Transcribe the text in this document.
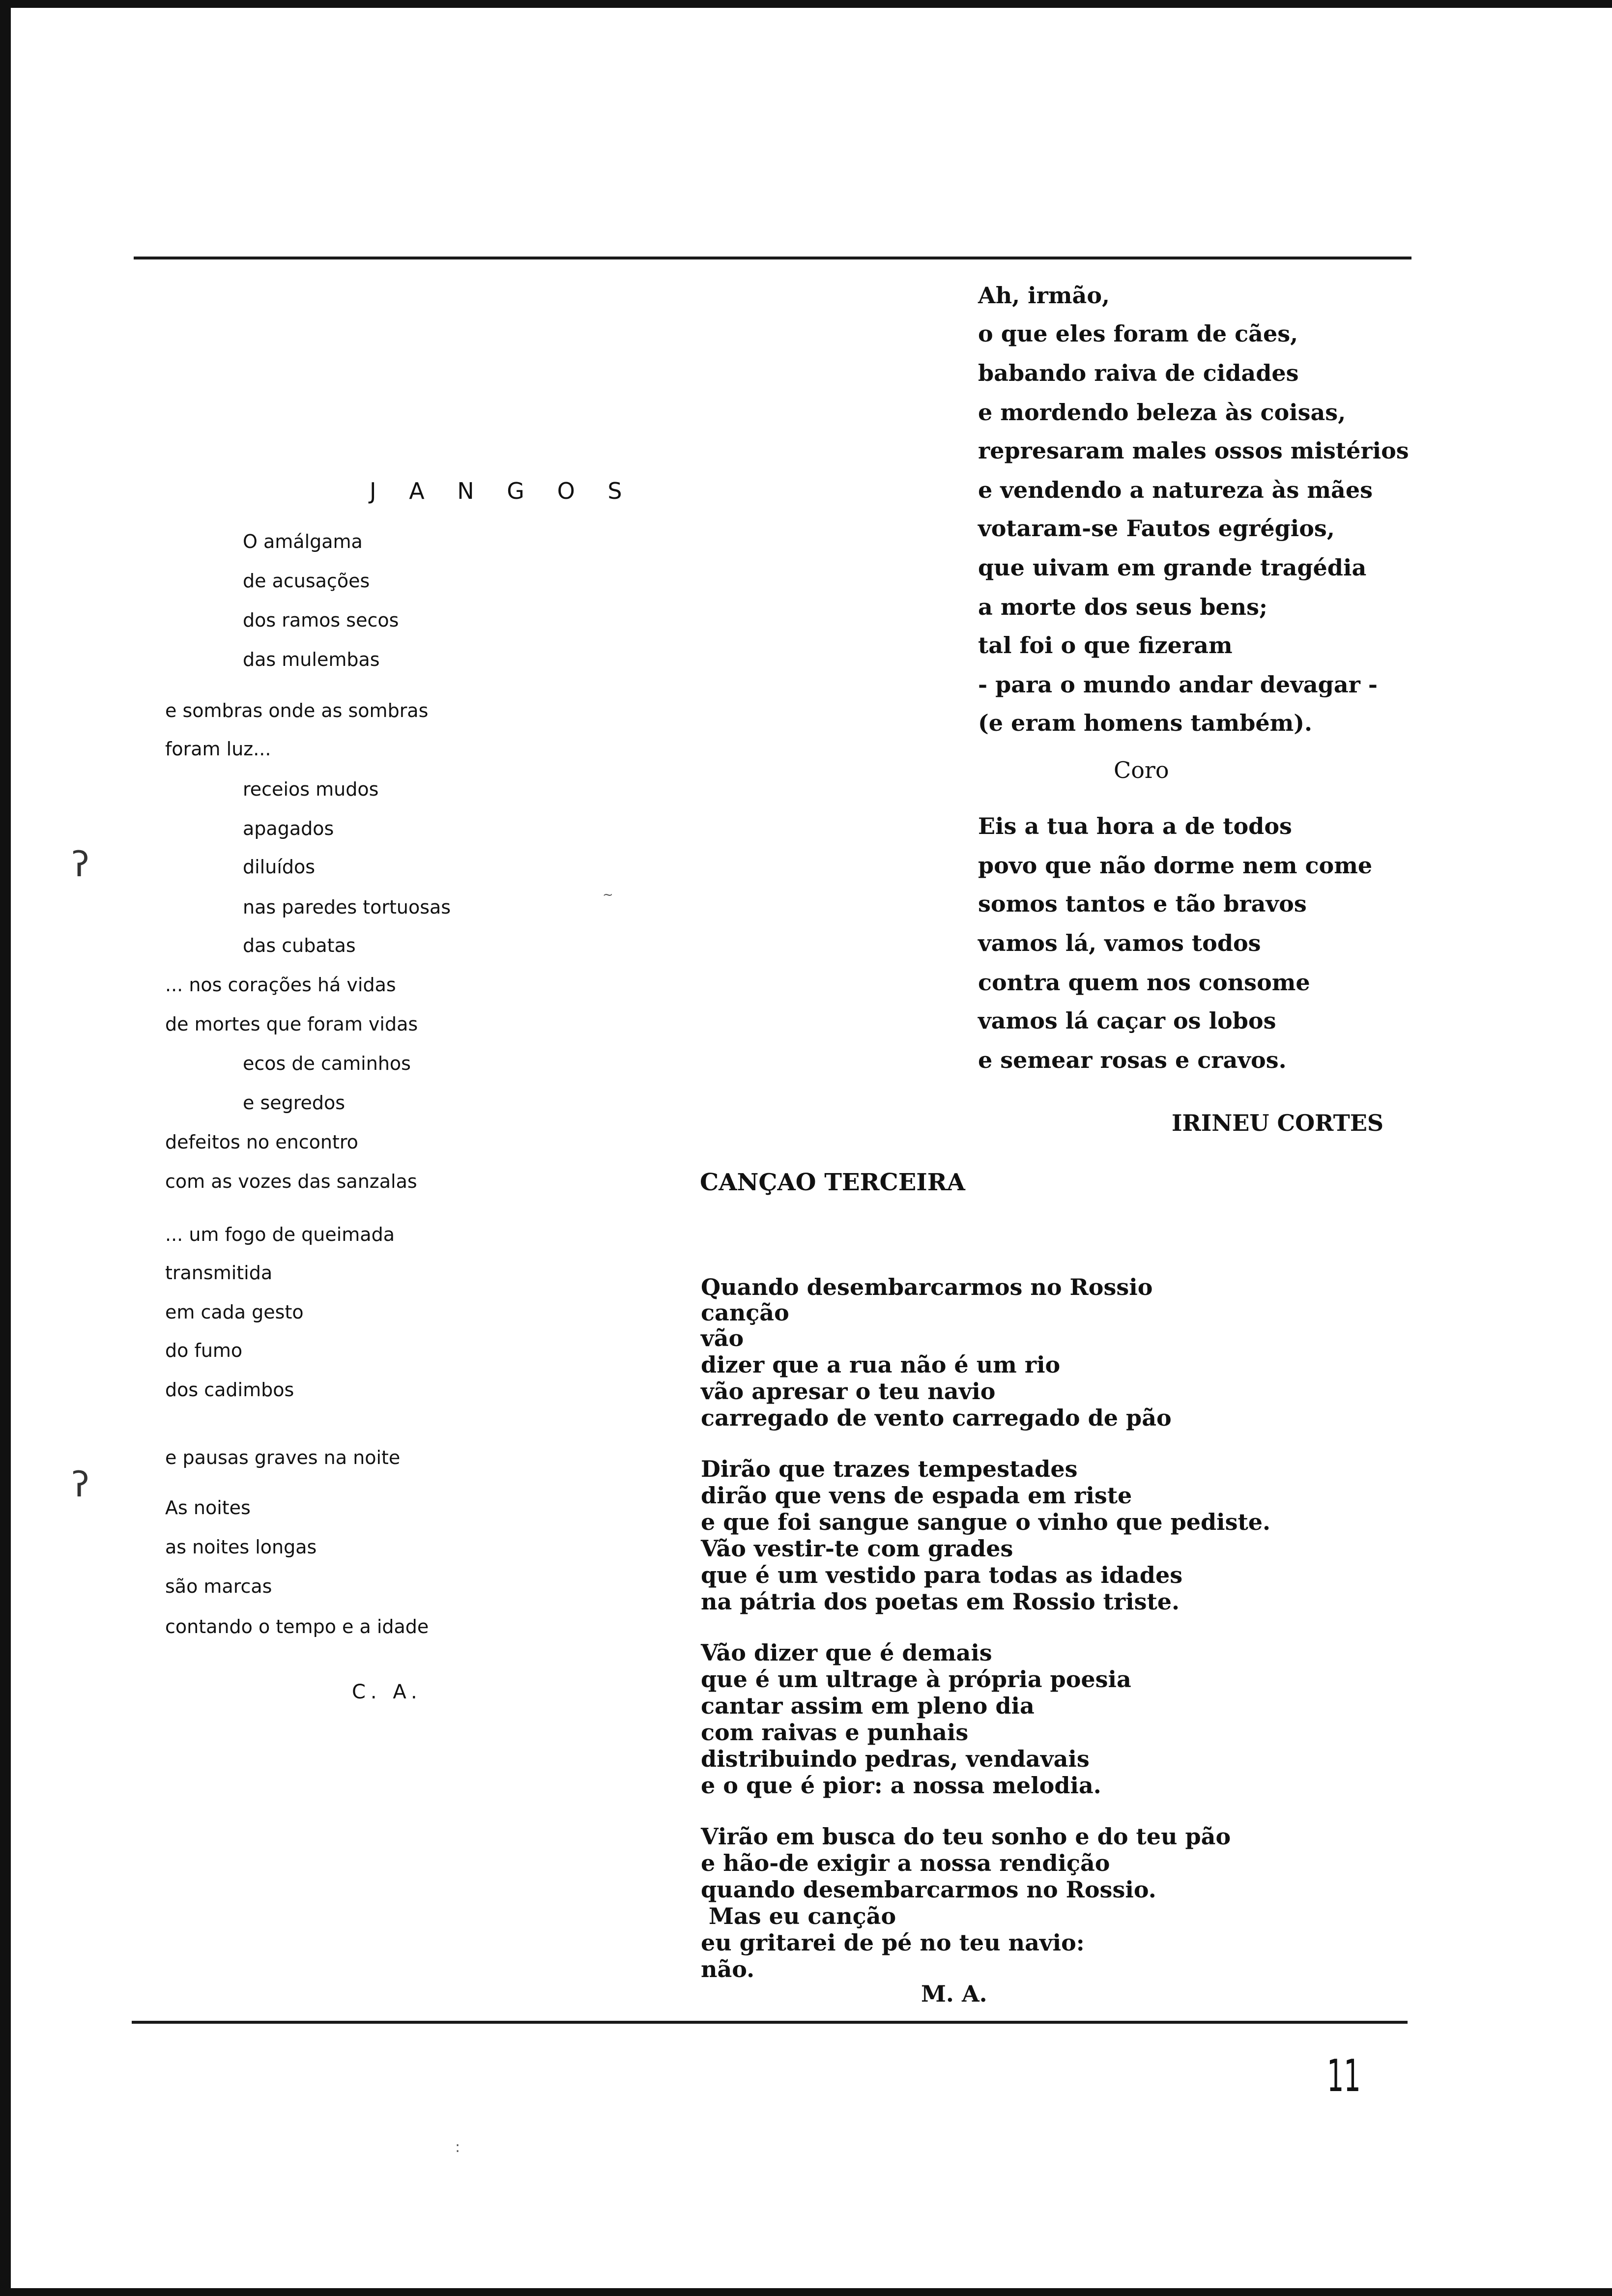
J A N G O S
O amálgama
de acusações
dos ramos secos
das mulembas
e sombras onde as sombras
foram luz...
receios mudos
apagados
diluídos
nas paredes tortuosas
das cubatas
... nos corações há vidas
de mortes que foram vidas
ecos de caminhos
e segredos
defeitos no encontro
com as vozes das sanzalas
... um fogo de queimada
transmitida
em cada gesto
do fumo
dos cadimbos
e pausas graves na noite
As noites
as noites longas
são marcas
contando o tempo e a idade
C. A.
Ah, irmão,
o que eles foram de cães,
babando raiva de cidades
e mordendo beleza às coisas,
represaram males ossos mistérios
e vendendo a natureza às mães
votaram-se Fautos egrégios,
que uivam em grande tragédia
a morte dos seus bens;
tal foi o que fizeram
- para o mundo andar devagar -
(e eram homens também).
Coro
Eis a tua hora a de todos
povo que não dorme nem come
somos tantos e tão bravos
vamos lá, vamos todos
contra quem nos consome
vamos lá caçar os lobos
e semear rosas e cravos.
IRINEU CORTES
CANÇAO TERCEIRA
Quando desembarcarmos no Rossio
canção
vão
dizer que a rua não é um rio
vão apresar o teu navio
carregado de vento carregado de pão
Dirão que trazes tempestades
dirão que vens de espada em riste
e que foi sangue sangue o vinho que pediste.
Vão vestir-te com grades
que é um vestido para todas as idades
na pátria dos poetas em Rossio triste.
Vão dizer que é demais
que é um ultrage à própria poesia
cantar assim em pleno dia
com raivas e punhais
distribuindo pedras, vendavais
e o que é pior: a nossa melodia.
Virão em busca do teu sonho e do teu pão
e hão-de exigir a nossa rendição
quando desembarcarmos no Rossio.
Mas eu canção
eu gritarei de pé no teu navio:
não.
M. A.
11
ʔ
ʔ
~
:
